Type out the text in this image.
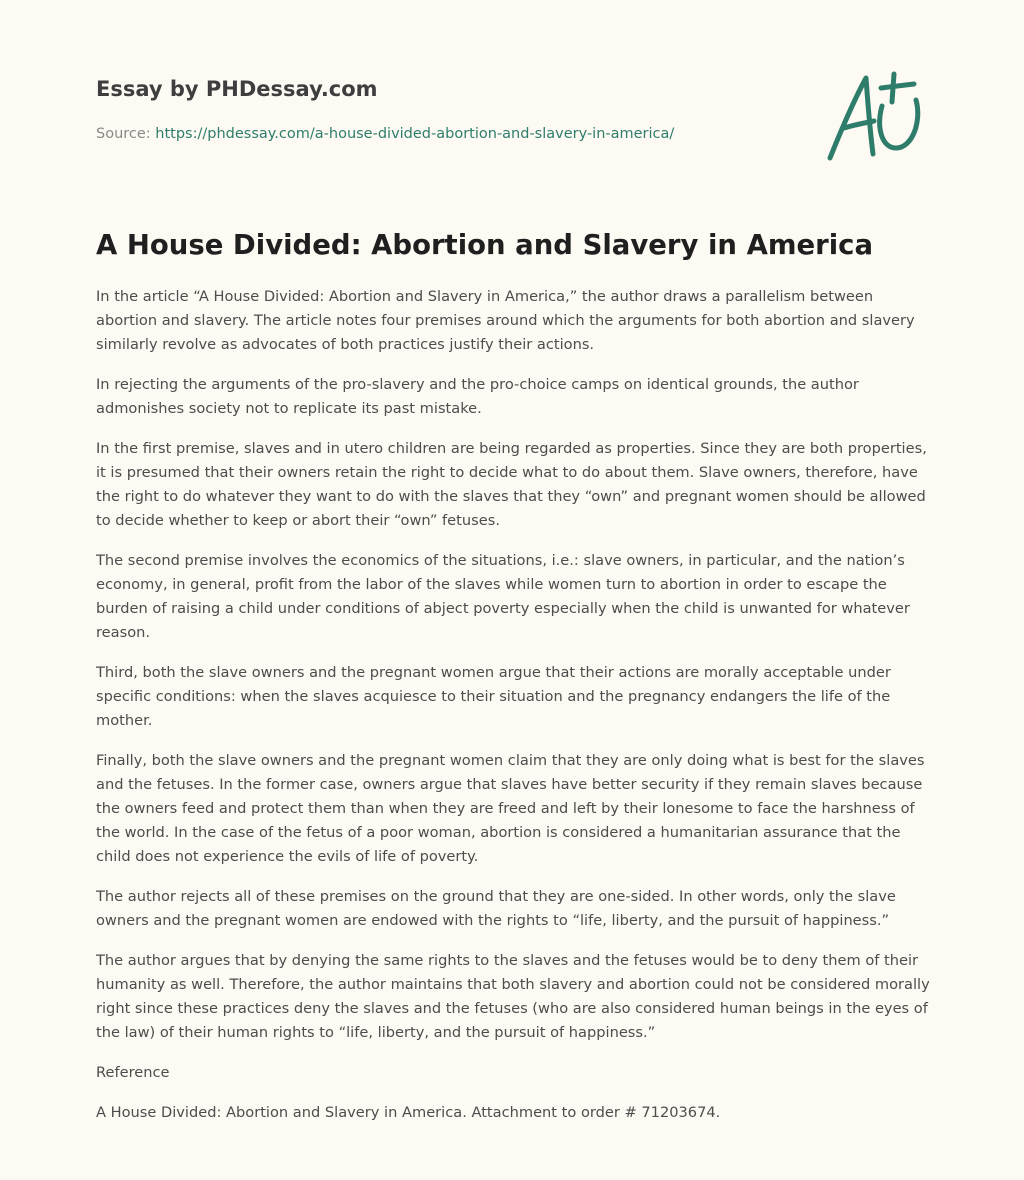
Essay by PHDessay.com
Source: https://phdessay.com/a-house-divided-abortion-and-slavery-in-america/
A House Divided: Abortion and Slavery in America

In the article “A House Divided: Abortion and Slavery in America,” the author draws a parallelism between abortion and slavery. The article notes four premises around which the arguments for both abortion and slavery similarly revolve as advocates of both practices justify their actions.

In rejecting the arguments of the pro-slavery and the pro-choice camps on identical grounds, the author admonishes society not to replicate its past mistake.

In the first premise, slaves and in utero children are being regarded as properties. Since they are both properties, it is presumed that their owners retain the right to decide what to do about them. Slave owners, therefore, have the right to do whatever they want to do with the slaves that they “own” and pregnant women should be allowed to decide whether to keep or abort their “own” fetuses.

The second premise involves the economics of the situations, i.e.: slave owners, in particular, and the nation’s economy, in general, profit from the labor of the slaves while women turn to abortion in order to escape the burden of raising a child under conditions of abject poverty especially when the child is unwanted for whatever reason.

Third, both the slave owners and the pregnant women argue that their actions are morally acceptable under specific conditions: when the slaves acquiesce to their situation and the pregnancy endangers the life of the mother.

Finally, both the slave owners and the pregnant women claim that they are only doing what is best for the slaves and the fetuses. In the former case, owners argue that slaves have better security if they remain slaves because the owners feed and protect them than when they are freed and left by their lonesome to face the harshness of the world. In the case of the fetus of a poor woman, abortion is considered a humanitarian assurance that the child does not experience the evils of life of poverty.

The author rejects all of these premises on the ground that they are one-sided. In other words, only the slave owners and the pregnant women are endowed with the rights to “life, liberty, and the pursuit of happiness.”

The author argues that by denying the same rights to the slaves and the fetuses would be to deny them of their humanity as well. Therefore, the author maintains that both slavery and abortion could not be considered morally right since these practices deny the slaves and the fetuses (who are also considered human beings in the eyes of the law) of their human rights to “life, liberty, and the pursuit of happiness.”

Reference

A House Divided: Abortion and Slavery in America. Attachment to order # 71203674.
